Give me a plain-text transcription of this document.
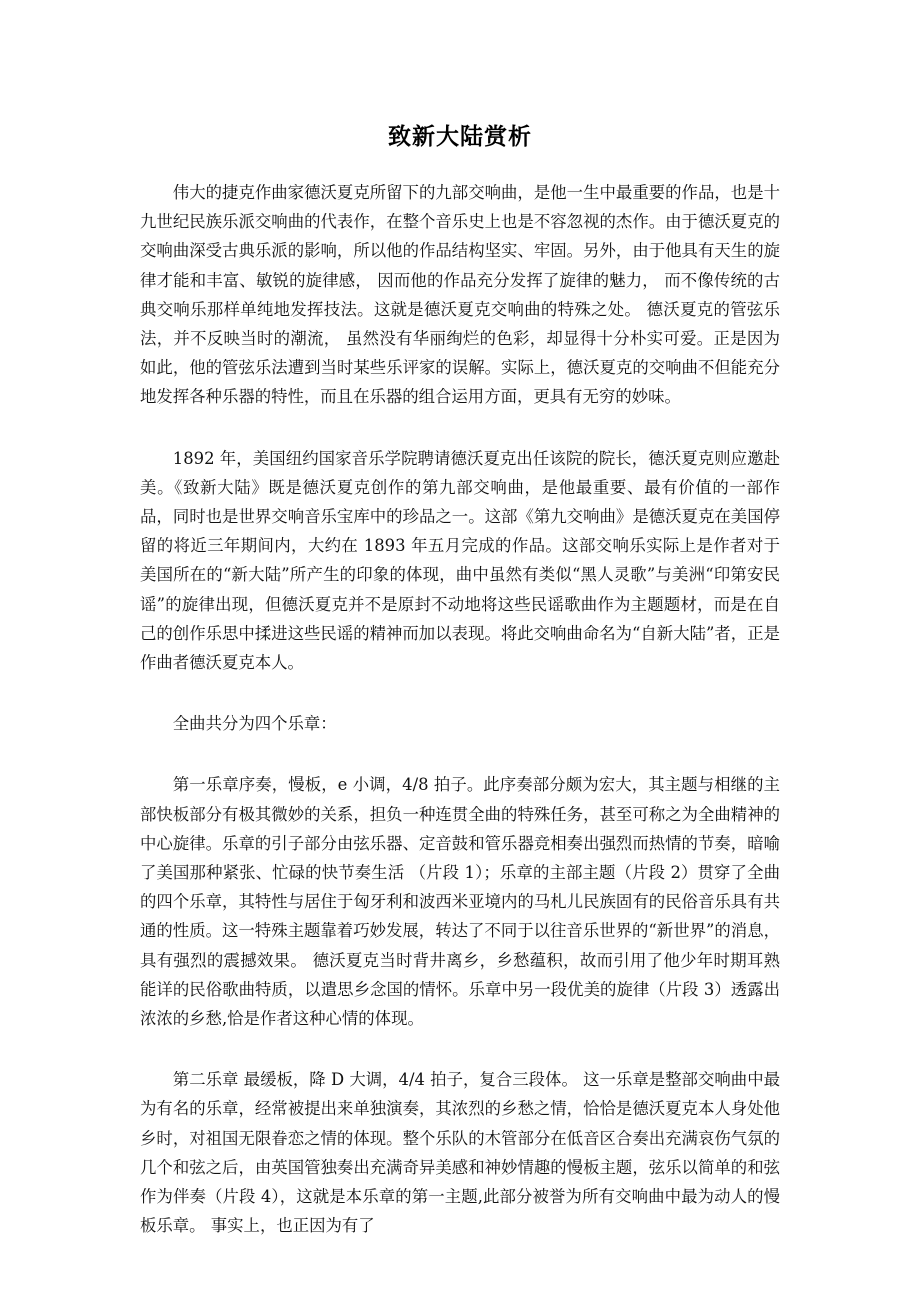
致新大陆赏析

伟大的捷克作曲家德沃夏克所留下的九部交响曲，是他一生中最重要的作品，也是十九世纪民族乐派交响曲的代表作，在整个音乐史上也是不容忽视的杰作。由于德沃夏克的交响曲深受古典乐派的影响，所以他的作品结构坚实、牢固。另外，由于他具有天生的旋律才能和丰富、敏锐的旋律感， 因而他的作品充分发挥了旋律的魅力， 而不像传统的古典交响乐那样单纯地发挥技法。这就是德沃夏克交响曲的特殊之处。 德沃夏克的管弦乐法，并不反映当时的潮流， 虽然没有华丽绚烂的色彩，却显得十分朴实可爱。正是因为如此，他的管弦乐法遭到当时某些乐评家的误解。实际上，德沃夏克的交响曲不但能充分地发挥各种乐器的特性，而且在乐器的组合运用方面，更具有无穷的妙味。

1892 年，美国纽约国家音乐学院聘请德沃夏克出任该院的院长，德沃夏克则应邀赴美。《致新大陆》既是德沃夏克创作的第九部交响曲，是他最重要、最有价值的一部作品，同时也是世界交响音乐宝库中的珍品之一。这部《第九交响曲》是德沃夏克在美国停留的将近三年期间内，大约在 1893 年五月完成的作品。这部交响乐实际上是作者对于美国所在的“新大陆”所产生的印象的体现，曲中虽然有类似“黑人灵歌”与美洲“印第安民谣”的旋律出现，但德沃夏克并不是原封不动地将这些民谣歌曲作为主题题材，而是在自己的创作乐思中揉进这些民谣的精神而加以表现。将此交响曲命名为“自新大陆”者，正是作曲者德沃夏克本人。

全曲共分为四个乐章：

第一乐章序奏，慢板，e 小调，4/8 拍子。此序奏部分颇为宏大，其主题与相继的主部快板部分有极其微妙的关系，担负一种连贯全曲的特殊任务，甚至可称之为全曲精神的中心旋律。乐章的引子部分由弦乐器、定音鼓和管乐器竞相奏出强烈而热情的节奏，暗喻了美国那种紧张、忙碌的快节奏生活 （片段 1）；乐章的主部主题（片段 2）贯穿了全曲的四个乐章，其特性与居住于匈牙利和波西米亚境内的马札儿民族固有的民俗音乐具有共通的性质。这一特殊主题靠着巧妙发展，转达了不同于以往音乐世界的“新世界”的消息， 具有强烈的震撼效果。 德沃夏克当时背井离乡，乡愁蕴积，故而引用了他少年时期耳熟能详的民俗歌曲特质，以遣思乡念国的情怀。乐章中另一段优美的旋律（片段 3）透露出浓浓的乡愁,恰是作者这种心情的体现。

第二乐章 最缓板，降 D 大调，4/4 拍子，复合三段体。 这一乐章是整部交响曲中最为有名的乐章，经常被提出来单独演奏，其浓烈的乡愁之情，恰恰是德沃夏克本人身处他乡时，对祖国无限眷恋之情的体现。整个乐队的木管部分在低音区合奏出充满哀伤气氛的几个和弦之后，由英国管独奏出充满奇异美感和神妙情趣的慢板主题，弦乐以简单的和弦作为伴奏（片段 4），这就是本乐章的第一主题,此部分被誉为所有交响曲中最为动人的慢板乐章。 事实上，也正因为有了
